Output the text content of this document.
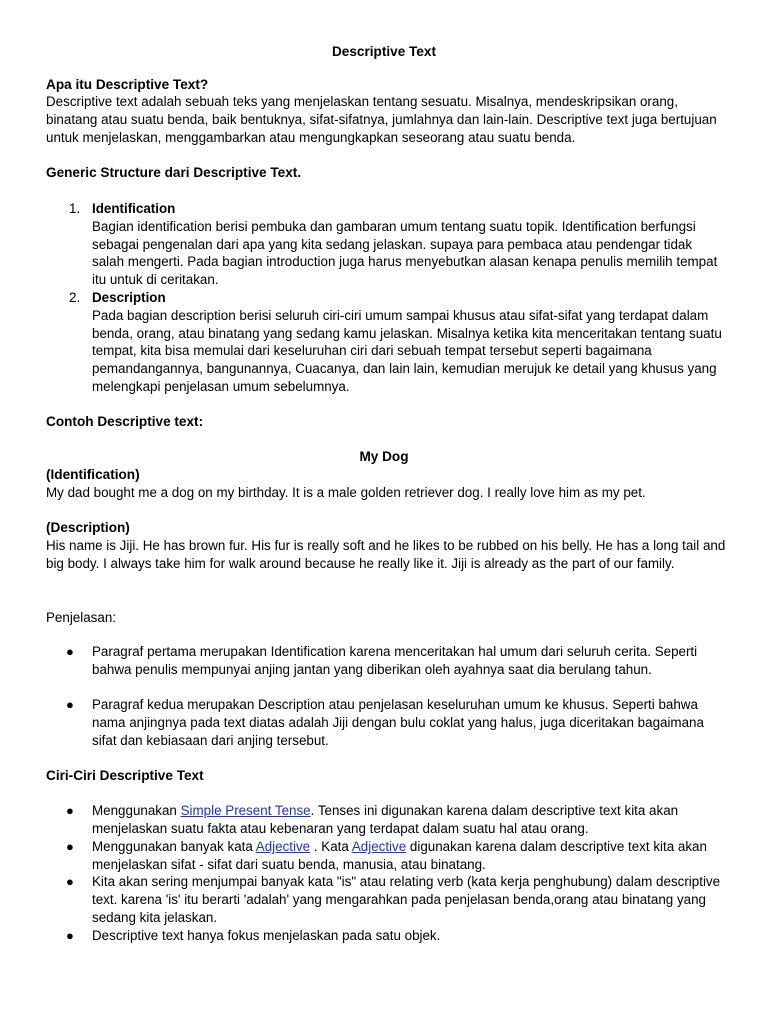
Descriptive Text
Apa itu Descriptive Text?

Descriptive text adalah sebuah teks yang menjelaskan tentang sesuatu. Misalnya, mendeskripsikan orang, binatang atau suatu benda, baik bentuknya, sifat-sifatnya, jumlahnya dan lain-lain. Descriptive text juga bertujuan untuk menjelaskan, menggambarkan atau mengungkapkan seseorang atau suatu benda.

Generic Structure dari Descriptive Text.
1. Identification
Bagian identification berisi pembuka dan gambaran umum tentang suatu topik. Identification berfungsi sebagai pengenalan dari apa yang kita sedang jelaskan. supaya para pembaca atau pendengar tidak salah mengerti. Pada bagian introduction juga harus menyebutkan alasan kenapa penulis memilih tempat itu untuk di ceritakan.
2. Description
Pada bagian description berisi seluruh ciri-ciri umum sampai khusus atau sifat-sifat yang terdapat dalam benda, orang, atau binatang yang sedang kamu jelaskan. Misalnya ketika kita menceritakan tentang suatu tempat, kita bisa memulai dari keseluruhan ciri dari sebuah tempat tersebut seperti bagaimana pemandangannya, bangunannya, Cuacanya, dan lain lain, kemudian merujuk ke detail yang khusus yang melengkapi penjelasan umum sebelumnya.
Contoh Descriptive text:
My Dog
(Identification)

My dad bought me a dog on my birthday. It is a male golden retriever dog. I really love him as my pet.

(Description)

His name is Jiji. He has brown fur. His fur is really soft and he likes to be rubbed on his belly. He has a long tail and big body. I always take him for walk around because he really like it. Jiji is already as the part of our family.

Penjelasan:
● Paragraf pertama merupakan Identification karena menceritakan hal umum dari seluruh cerita. Seperti bahwa penulis mempunyai anjing jantan yang diberikan oleh ayahnya saat dia berulang tahun.
● Paragraf kedua merupakan Description atau penjelasan keseluruhan umum ke khusus. Seperti bahwa nama anjingnya pada text diatas adalah Jiji dengan bulu coklat yang halus, juga diceritakan bagaimana sifat dan kebiasaan dari anjing tersebut.
Ciri-Ciri Descriptive Text
● Menggunakan Simple Present Tense. Tenses ini digunakan karena dalam descriptive text kita akan menjelaskan suatu fakta atau kebenaran yang terdapat dalam suatu hal atau orang.
● Menggunakan banyak kata Adjective . Kata Adjective digunakan karena dalam descriptive text kita akan menjelaskan sifat - sifat dari suatu benda, manusia, atau binatang.
● Kita akan sering menjumpai banyak kata "is" atau relating verb (kata kerja penghubung) dalam descriptive text. karena 'is' itu berarti 'adalah' yang mengarahkan pada penjelasan benda,orang atau binatang yang sedang kita jelaskan.
● Descriptive text hanya fokus menjelaskan pada satu objek.
